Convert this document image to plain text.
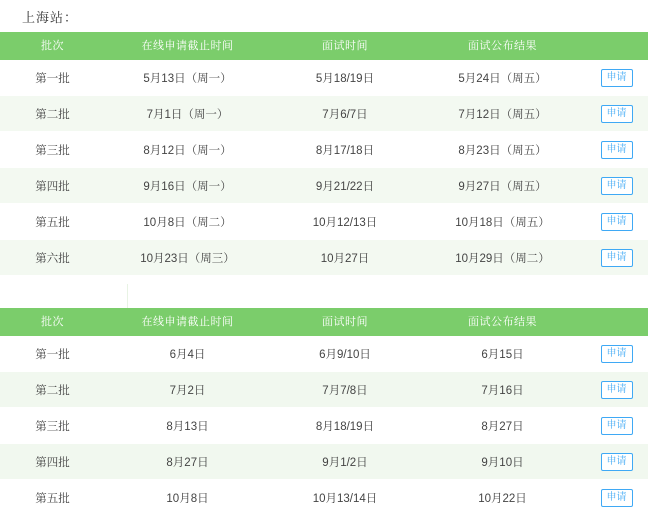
上海站：
批次	在线申请截止时间	面试时间	面试公布结果	
第一批	5月13日（周一）	5月18/19日	5月24日（周五）	申请
第二批	7月1日（周一）	7月6/7日	7月12日（周五）	申请
第三批	8月12日（周一）	8月17/18日	8月23日（周五）	申请
第四批	9月16日（周一）	9月21/22日	9月27日（周五）	申请
第五批	10月8日（周二）	10月12/13日	10月18日（周五）	申请
第六批	10月23日（周三）	10月27日	10月29日（周二）	申请
批次	在线申请截止时间	面试时间	面试公布结果	
第一批	6月4日	6月9/10日	6月15日	申请
第二批	7月2日	7月7/8日	7月16日	申请
第三批	8月13日	8月18/19日	8月27日	申请
第四批	8月27日	9月1/2日	9月10日	申请
第五批	10月8日	10月13/14日	10月22日	申请
